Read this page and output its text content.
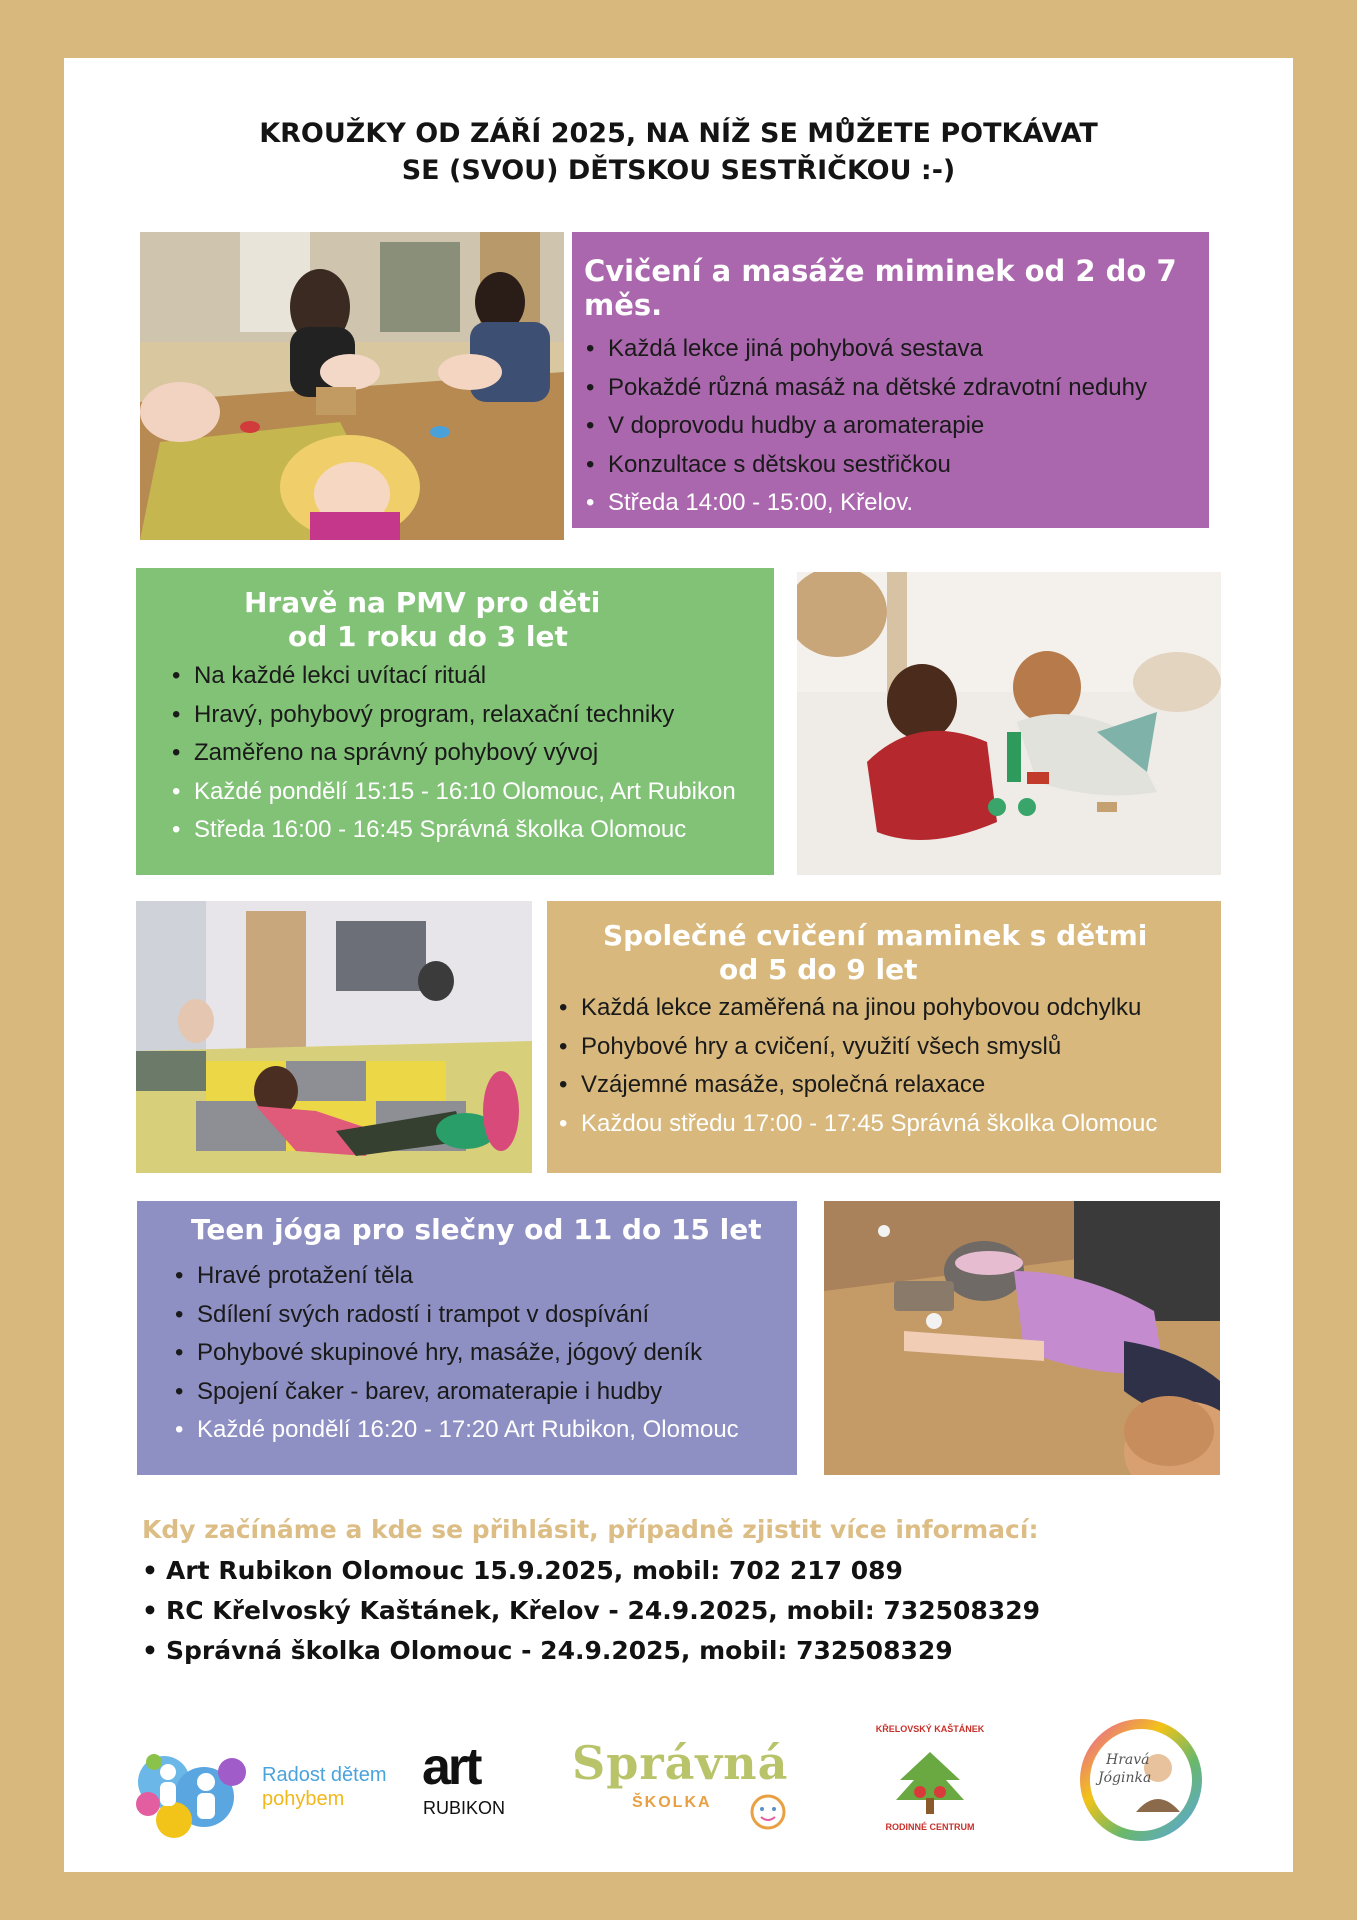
KROUŽKY OD ZÁŘÍ 2025, NA NÍŽ SE MŮŽETE POTKÁVAT
SE (SVOU) DĚTSKOU SESTŘIČKOU :-)
Cvičení a masáže miminek od 2 do 7 měs.
• Každá lekce jiná pohybová sestava
• Pokaždé různá masáž na dětské zdravotní neduhy
• V doprovodu hudby a aromaterapie
• Konzultace s dětskou sestřičkou
• Středa 14:00 - 15:00, Křelov.
Hravě na PMV pro děti
od 1 roku do 3 let
• Na každé lekci uvítací rituál
• Hravý, pohybový program, relaxační techniky
• Zaměřeno na správný pohybový vývoj
• Každé pondělí 15:15 - 16:10 Olomouc, Art Rubikon
• Středa 16:00 - 16:45 Správná školka Olomouc
Společné cvičení maminek s dětmi
od 5 do 9 let
• Každá lekce zaměřená na jinou pohybovou odchylku
• Pohybové hry a cvičení, využití všech smyslů
• Vzájemné masáže, společná relaxace
• Každou středu 17:00 - 17:45 Správná školka Olomouc
Teen jóga pro slečny od 11 do 15 let
• Hravé protažení těla
• Sdílení svých radostí i trampot v dospívání
• Pohybové skupinové hry, masáže, jógový deník
• Spojení čaker - barev, aromaterapie i hudby
• Každé pondělí 16:20 - 17:20 Art Rubikon, Olomouc
Kdy začínáme a kde se přihlásit, případně zjistit více informací:
• Art Rubikon Olomouc 15.9.2025, mobil: 702 217 089
• RC Křelvoský Kaštánek, Křelov - 24.9.2025, mobil: 732508329
• Správná školka Olomouc - 24.9.2025, mobil: 732508329
Radost dětem
pohybem
art
RUBIKON
Správná
ŠKOLKA
KŘELOVSKÝ KAŠTÁNEK
RODINNÉ CENTRUM
Hravá
Jóginka
